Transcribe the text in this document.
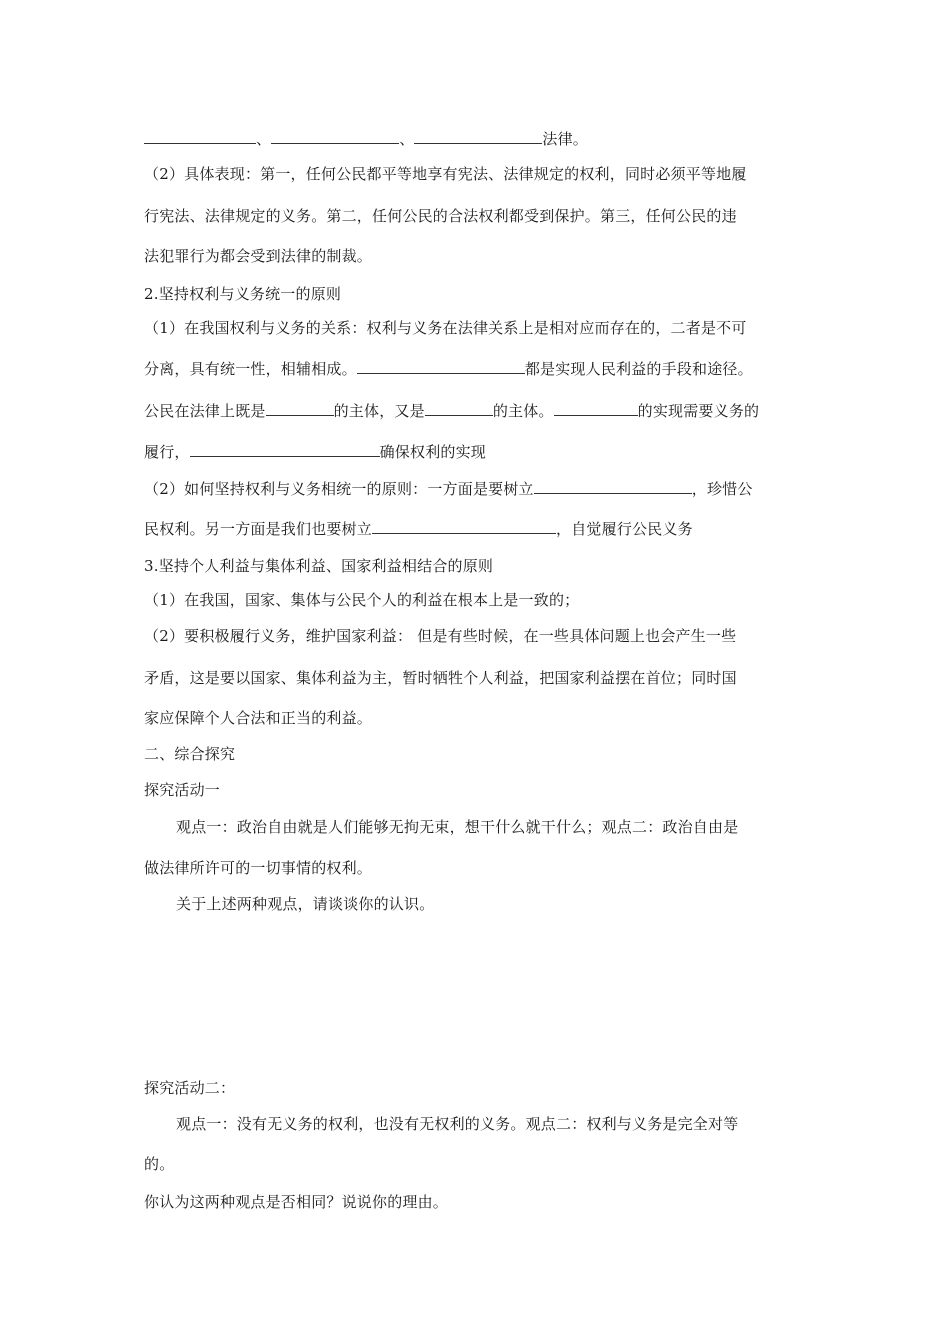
、	、	法律。
（2）具体表现：第一，任何公民都平等地享有宪法、法律规定的权利，同时必须平等地履
行宪法、法律规定的义务。第二，任何公民的合法权利都受到保护。第三，任何公民的违
法犯罪行为都会受到法律的制裁。
2.坚持权利与义务统一的原则
（1）在我国权利与义务的关系：权利与义务在法律关系上是相对应而存在的，二者是不可
分离，具有统一性，相辅相成。	都是实现人民利益的手段和途径。
公民在法律上既是	的主体，又是	的主体。	的实现需要义务的
履行，	确保权利的实现
（2）如何坚持权利与义务相统一的原则：一方面是要树立	，珍惜公
民权利。另一方面是我们也要树立	，自觉履行公民义务
3.坚持个人利益与集体利益、国家利益相结合的原则
（1）在我国，国家、集体与公民个人的利益在根本上是一致的；
（2）要积极履行义务，维护国家利益： 但是有些时候，在一些具体问题上也会产生一些
矛盾，这是要以国家、集体利益为主，暂时牺牲个人利益，把国家利益摆在首位；同时国
家应保障个人合法和正当的利益。
二、综合探究
探究活动一
观点一：政治自由就是人们能够无拘无束，想干什么就干什么；观点二：政治自由是
做法律所许可的一切事情的权利。
关于上述两种观点，请谈谈你的认识。
探究活动二：
观点一：没有无义务的权利，也没有无权利的义务。观点二：权利与义务是完全对等
的。
你认为这两种观点是否相同？说说你的理由。
